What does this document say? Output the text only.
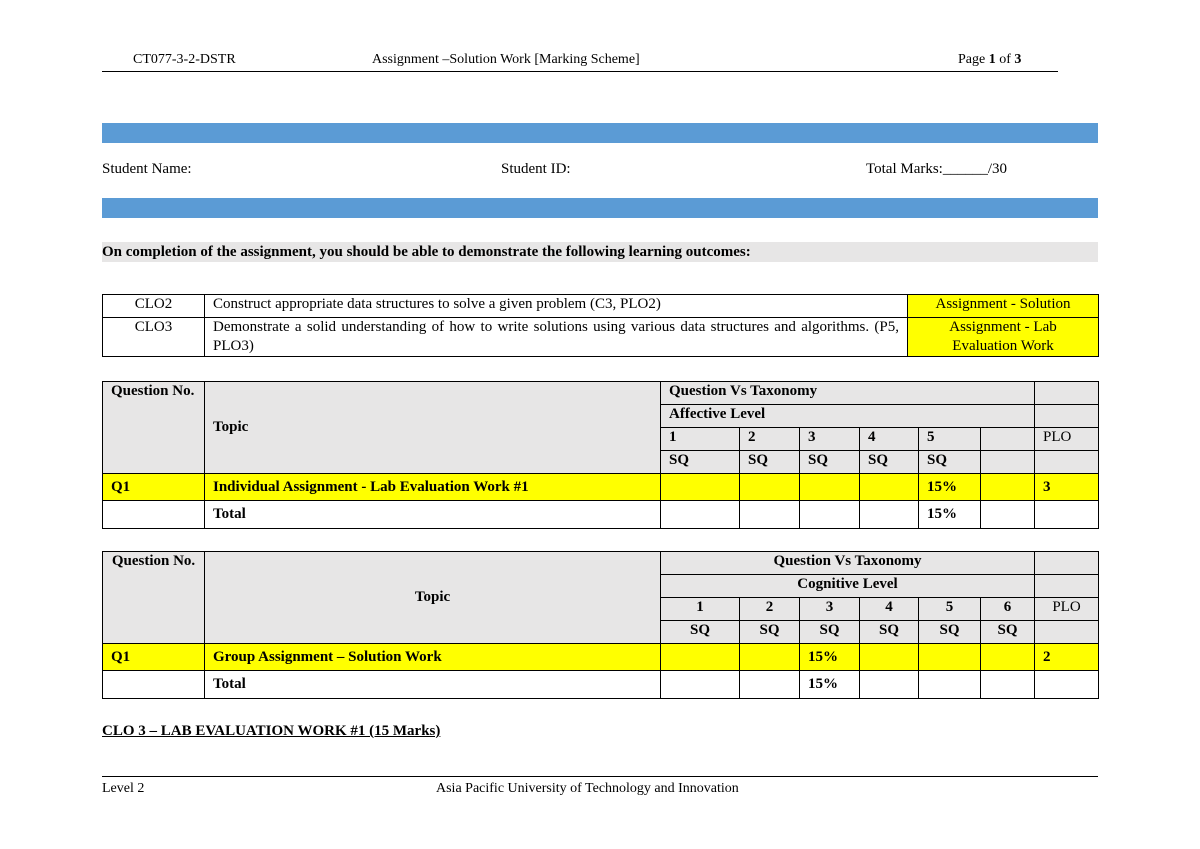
CT077-3-2-DSTR	Assignment –Solution Work [Marking Scheme]	Page 1 of 3
Student Name:	Student ID:	Total Marks:______/30
On completion of the assignment, you should be able to demonstrate the following learning outcomes:
CLO2	Construct appropriate data structures to solve a given problem (C3, PLO2)	Assignment - Solution
CLO3	Demonstrate a solid understanding of how to write solutions using various data structures and algorithms. (P5, PLO3)	Assignment - Lab Evaluation Work
Question No.	Topic	Question Vs Taxonomy						
		Affective Level						
		1	2	3	4	5		PLO
		SQ	SQ	SQ	SQ	SQ		
Q1	Individual Assignment - Lab Evaluation Work #1					15%		3
	Total					15%		
Question No.	Topic	Question Vs Taxonomy						
		Cognitive Level						
		1	2	3	4	5	6	PLO
		SQ	SQ	SQ	SQ	SQ	SQ	
Q1	Group Assignment – Solution Work			15%				2
	Total			15%				
CLO 3 – LAB EVALUATION WORK #1 (15 Marks)
Level 2	Asia Pacific University of Technology and Innovation
